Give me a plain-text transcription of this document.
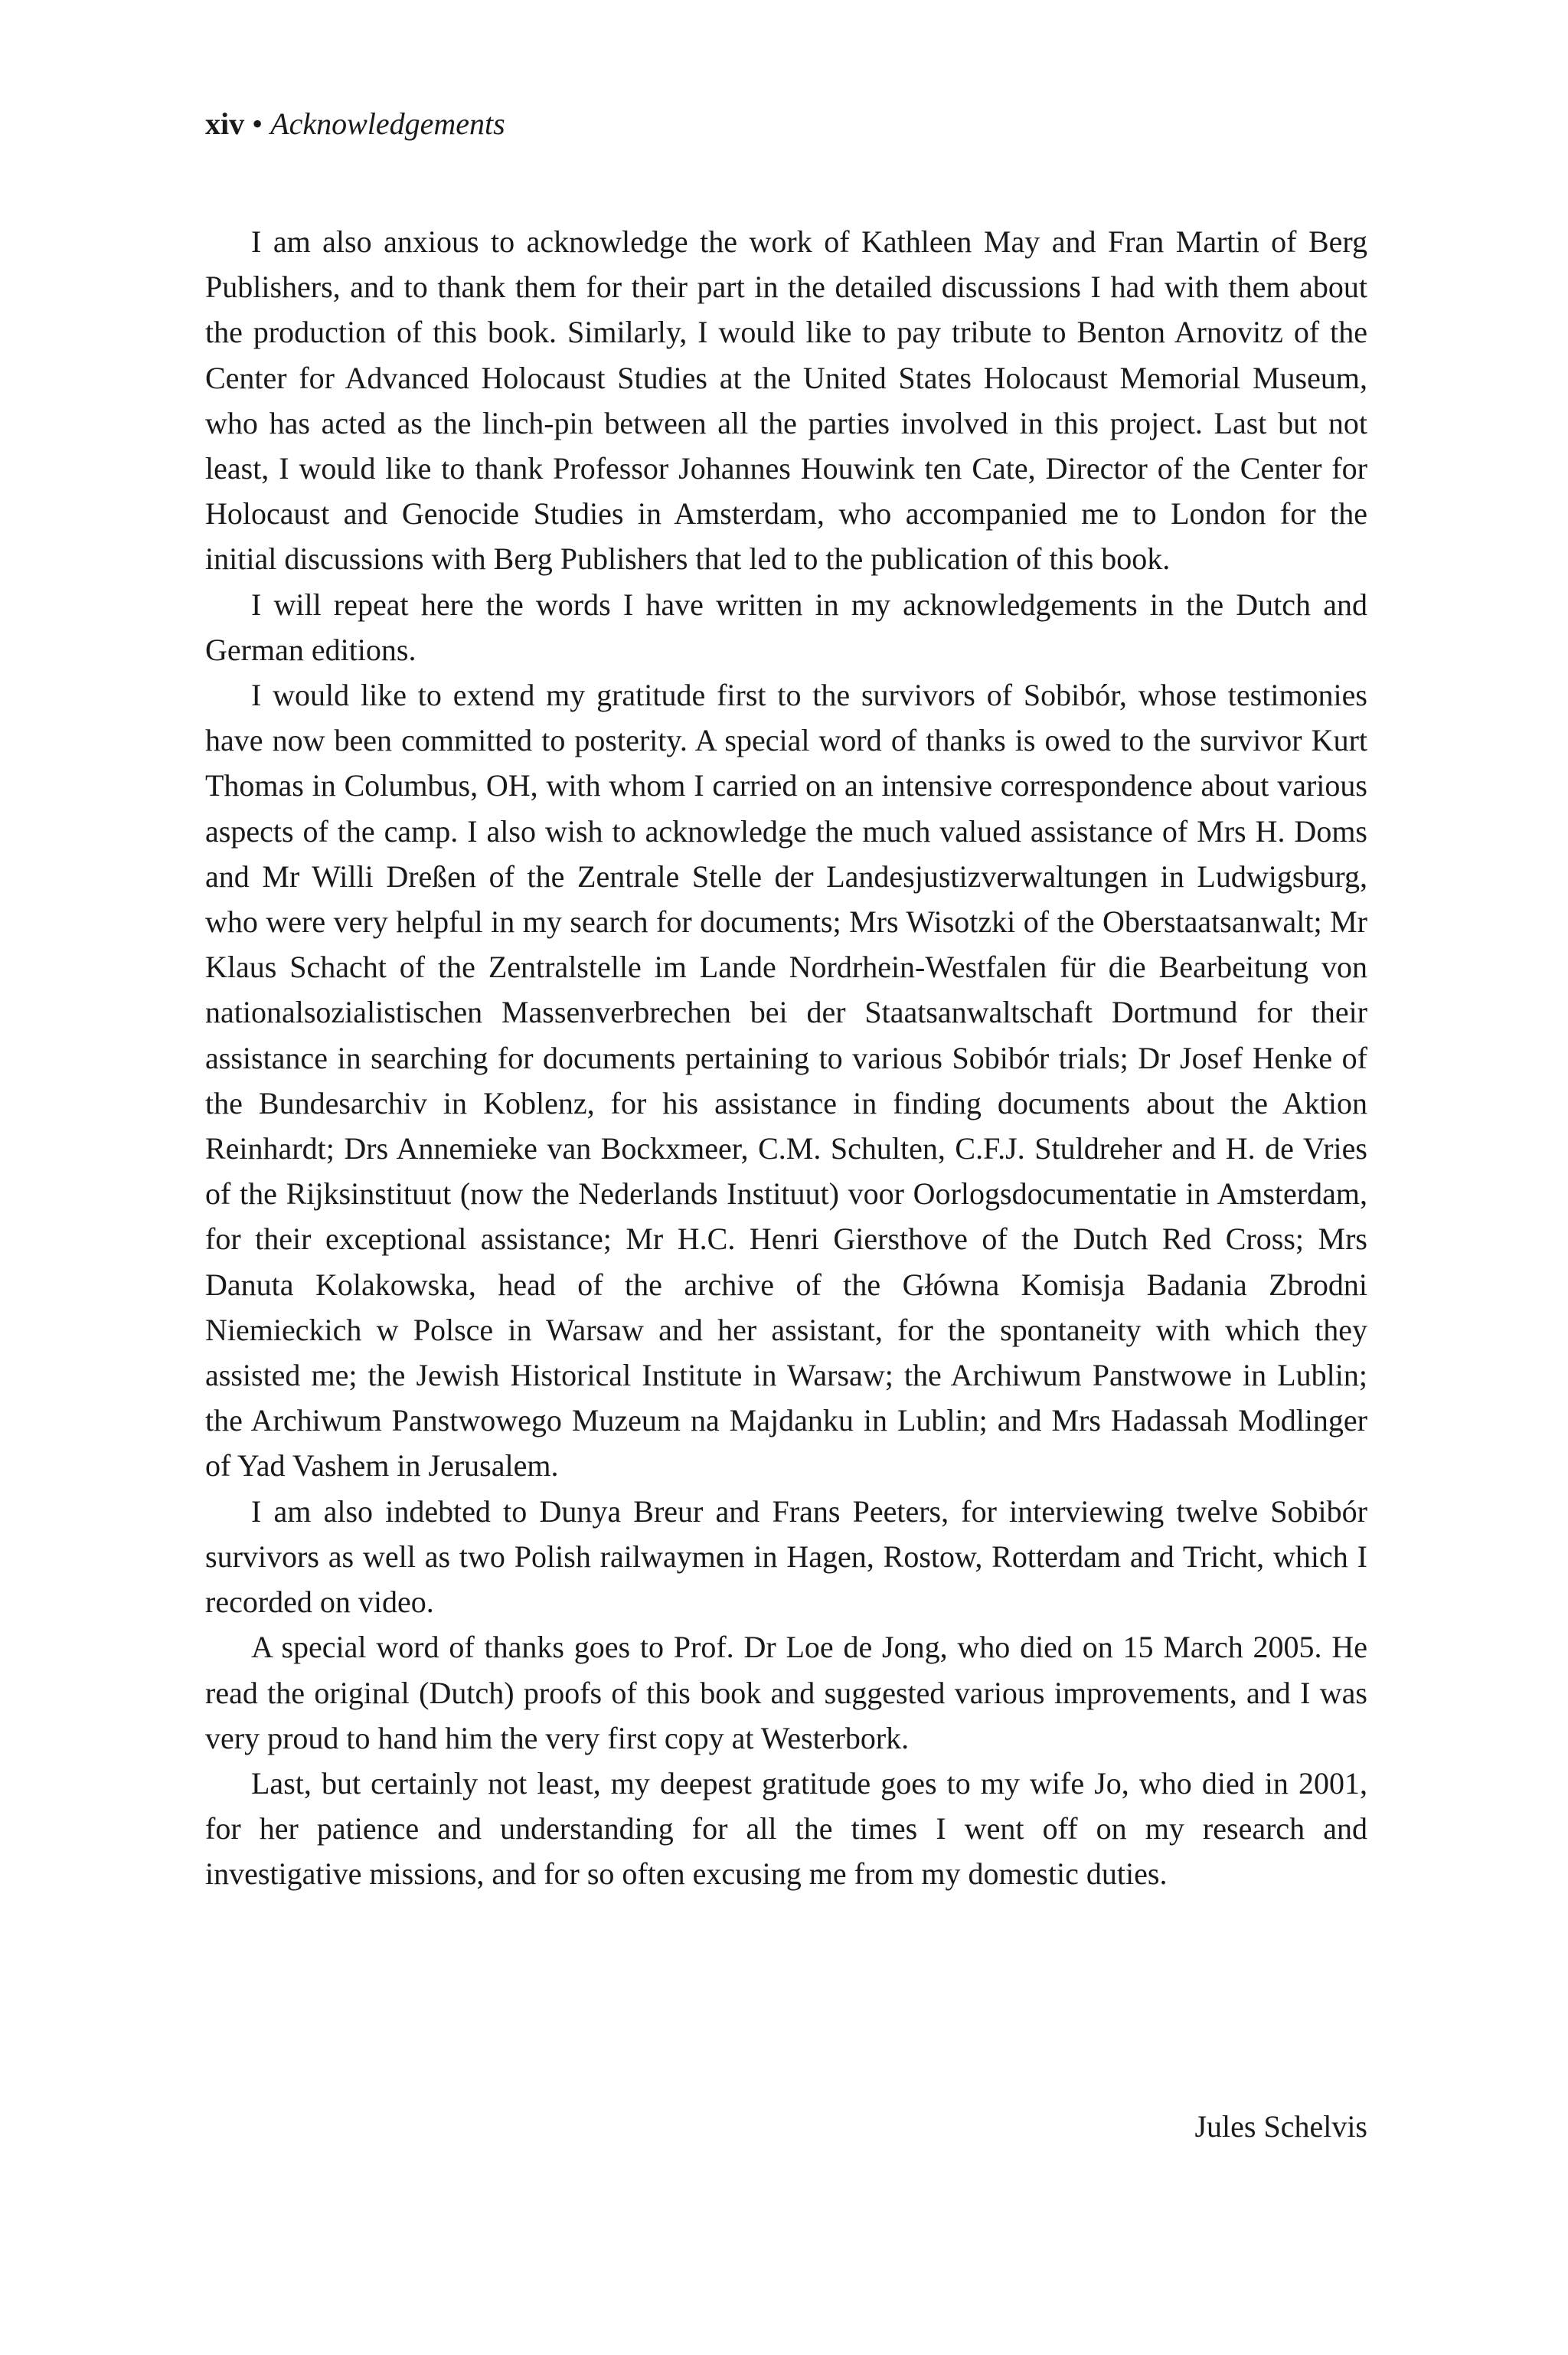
xiv • Acknowledgements

I am also anxious to acknowledge the work of Kathleen May and Fran Martin of Berg Publishers, and to thank them for their part in the detailed discussions I had with them about the production of this book. Similarly, I would like to pay tribute to Benton Arnovitz of the Center for Advanced Holocaust Studies at the United States Holocaust Memorial Museum, who has acted as the linch-pin between all the parties involved in this project. Last but not least, I would like to thank Professor Johannes Houwink ten Cate, Director of the Center for Holocaust and Genocide Studies in Amsterdam, who accompanied me to London for the initial discussions with Berg Publishers that led to the publication of this book.

I will repeat here the words I have written in my acknowledgements in the Dutch and German editions.

I would like to extend my gratitude first to the survivors of Sobibór, whose testimonies have now been committed to posterity. A special word of thanks is owed to the survivor Kurt Thomas in Columbus, OH, with whom I carried on an intensive correspondence about various aspects of the camp. I also wish to acknowledge the much valued assistance of Mrs H. Doms and Mr Willi Dreßen of the Zentrale Stelle der Landesjustizverwaltungen in Ludwigsburg, who were very helpful in my search for documents; Mrs Wisotzki of the Oberstaatsanwalt; Mr Klaus Schacht of the Zentralstelle im Lande Nordrhein-Westfalen für die Bearbeitung von nationalsozialistischen Massenverbrechen bei der Staatsanwaltschaft Dortmund for their assistance in searching for documents pertaining to various Sobibór trials; Dr Josef Henke of the Bundesarchiv in Koblenz, for his assistance in finding documents about the Aktion Reinhardt; Drs Annemieke van Bockxmeer, C.M. Schulten, C.F.J. Stuldreher and H. de Vries of the Rijksinstituut (now the Nederlands Instituut) voor Oorlogsdocumentatie in Amsterdam, for their exceptional assistance; Mr H.C. Henri Giersthove of the Dutch Red Cross; Mrs Danuta Kolakowska, head of the archive of the Główna Komisja Badania Zbrodni Niemieckich w Polsce in Warsaw and her assistant, for the spontaneity with which they assisted me; the Jewish Historical Institute in Warsaw; the Archiwum Panstwowe in Lublin; the Archiwum Panstwowego Muzeum na Majdanku in Lublin; and Mrs Hadassah Modlinger of Yad Vashem in Jerusalem.

I am also indebted to Dunya Breur and Frans Peeters, for interviewing twelve Sobibór survivors as well as two Polish railwaymen in Hagen, Rostow, Rotterdam and Tricht, which I recorded on video.

A special word of thanks goes to Prof. Dr Loe de Jong, who died on 15 March 2005. He read the original (Dutch) proofs of this book and suggested various improvements, and I was very proud to hand him the very first copy at Westerbork.

Last, but certainly not least, my deepest gratitude goes to my wife Jo, who died in 2001, for her patience and understanding for all the times I went off on my research and investigative missions, and for so often excusing me from my domestic duties.

Jules Schelvis
